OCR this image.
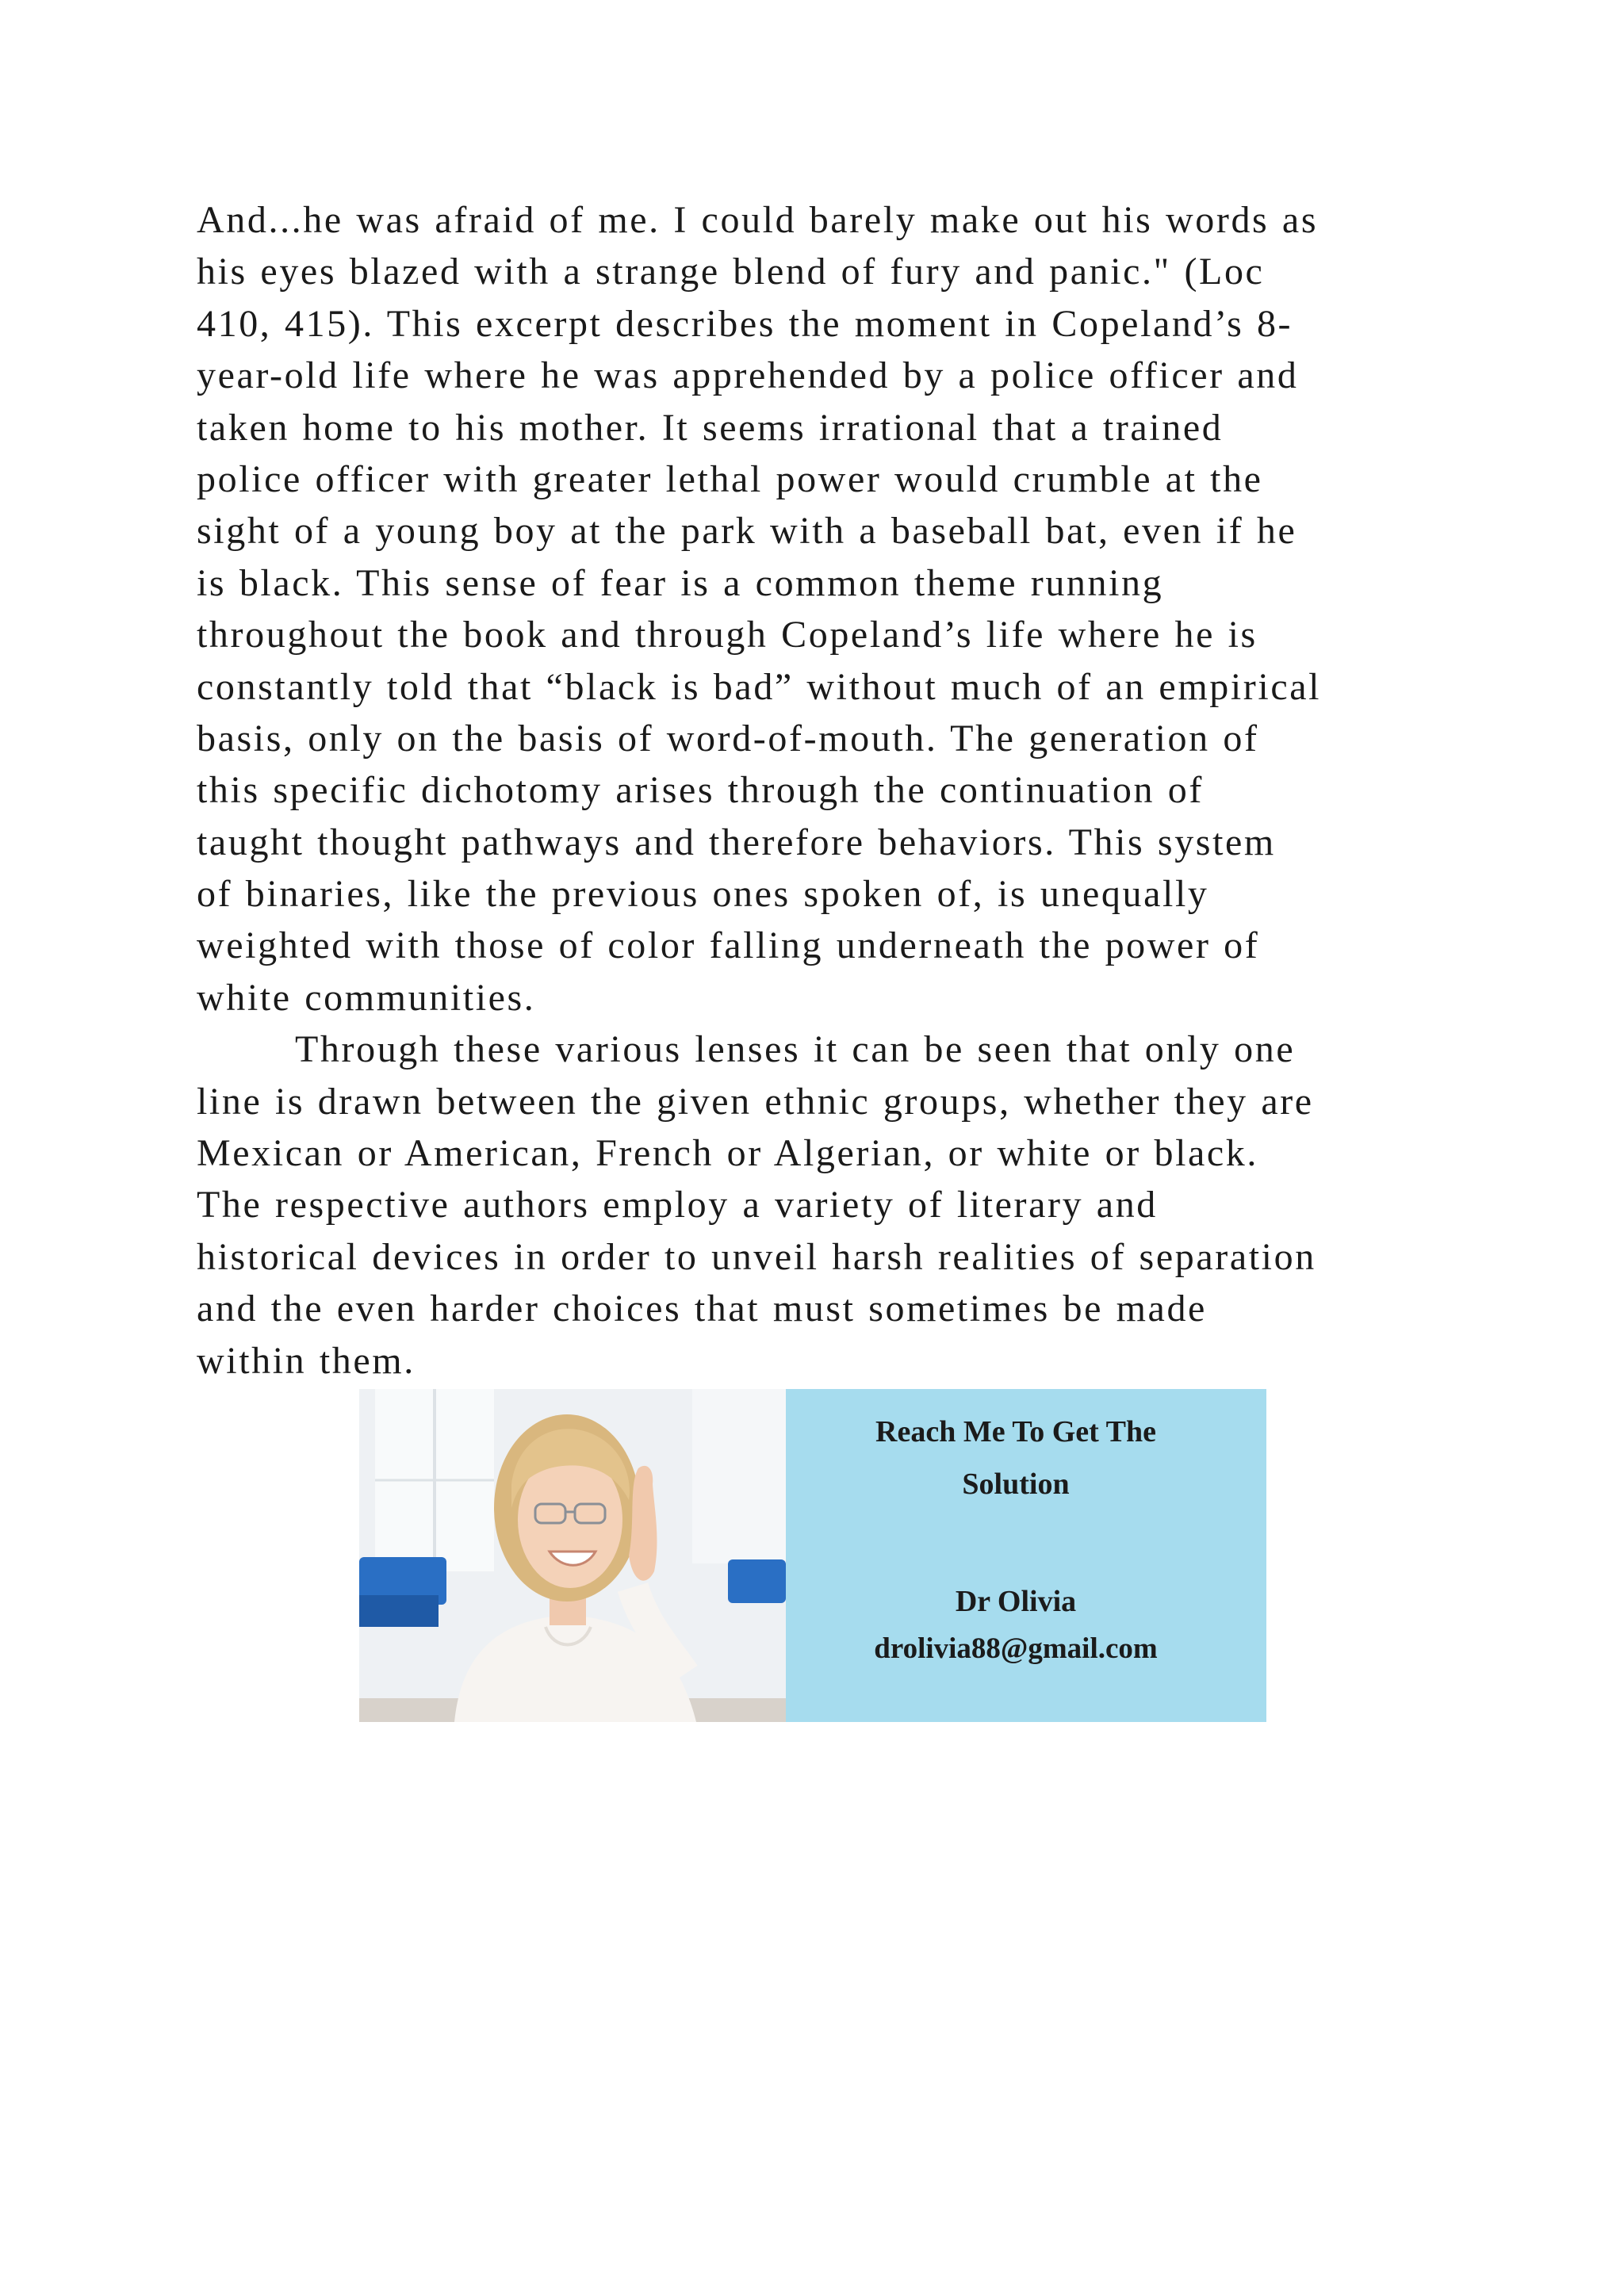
And...he was afraid of me. I could barely make out his words as
his eyes blazed with a strange blend of fury and panic." (Loc
410, 415). This excerpt describes the moment in Copeland’s 8-
year-old life where he was apprehended by a police officer and
taken home to his mother. It seems irrational that a trained
police officer with greater lethal power would crumble at the
sight of a young boy at the park with a baseball bat, even if he
is black. This sense of fear is a common theme running
throughout the book and through Copeland’s life where he is
constantly told that “black is bad” without much of an empirical
basis, only on the basis of word-of-mouth. The generation of
this specific dichotomy arises through the continuation of
taught thought pathways and therefore behaviors. This system
of binaries, like the previous ones spoken of, is unequally
weighted with those of color falling underneath the power of
white communities.
Through these various lenses it can be seen that only one
line is drawn between the given ethnic groups, whether they are
Mexican or American, French or Algerian, or white or black.
The respective authors employ a variety of literary and
historical devices in order to unveil harsh realities of separation
and the even harder choices that must sometimes be made
within them.
Reach Me To Get The
Solution
Dr Olivia
drolivia88@gmail.com
